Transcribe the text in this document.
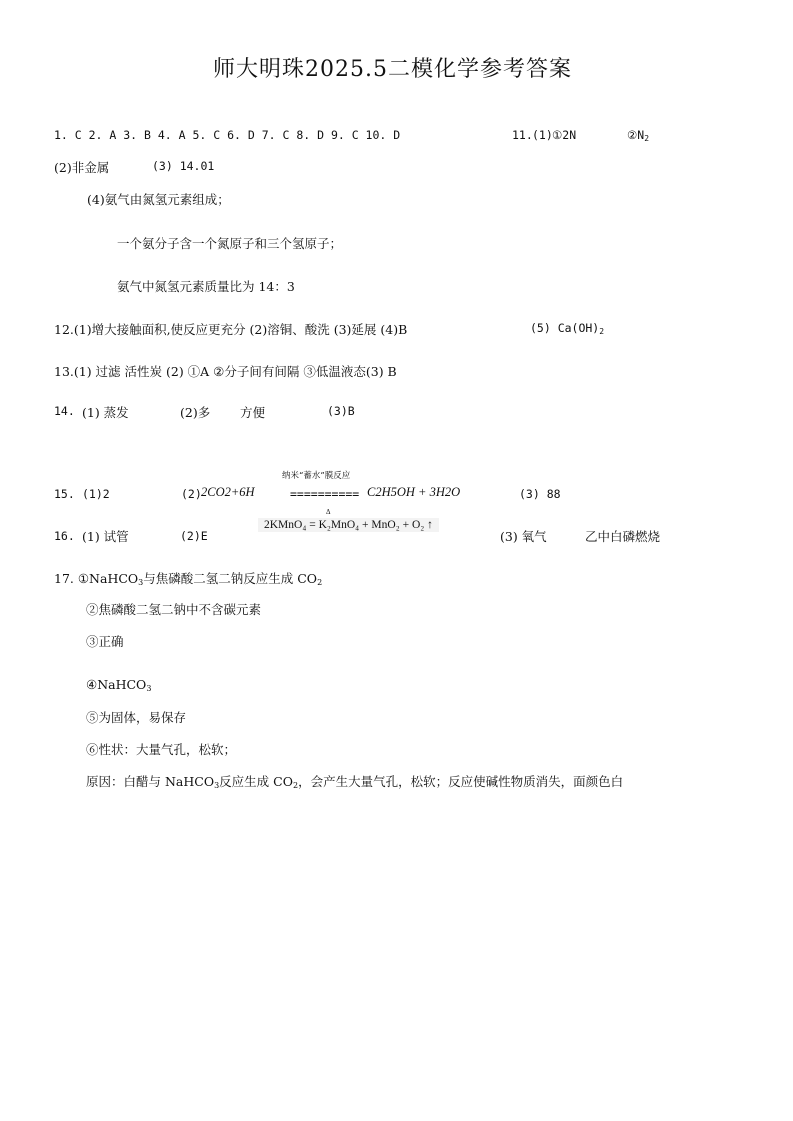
师大明珠2025.5二模化学参考答案
1. C 2. A 3. B 4. A 5. C 6. D 7. C 8. D 9. C 10. D	11. (1) ①2N	$②N_2$
(2)非金属	(3) 14.01
(4)氨气由氮氢元素组成；
一个氨分子含一个氮原子和三个氢原子；
氨气中氮氢元素质量比为 14：3
12.(1)增大接触面积,使反应更充分 (2)溶铜、酸洗 (3)延展 (4)B	(5) $Ca(OH)_2$
13.(1) 过滤 活性炭 (2) ①A ②分子间有间隔 ③低温液态(3) B
14. (1) 蒸发	(2)多 方便	(3)B
纳米“蓄水”膜反应
15. (1)2	(2) 2CO2+6H	========== C2H5OH + 3H2O	(3) 88
16. (1) 试管	(2)E
Δ
2KMnO₄ = K₂MnO₄ + MnO₂ + O₂ ↑
(3) 氧气	乙中白磷燃烧
17. ①NaHCO$_3$与焦磷酸二氢二钠反应生成 $CO_2$
②焦磷酸二氢二钠中不含碳元素
③正确
④NaHCO$_3$
⑤为固体，易保存
⑥性状：大量气孔，松软；
原因：白醋与 NaHCO$_3$反应生成 $CO_2$，会产生大量气孔，松软；反应使碱性物质消失，面颜色白
